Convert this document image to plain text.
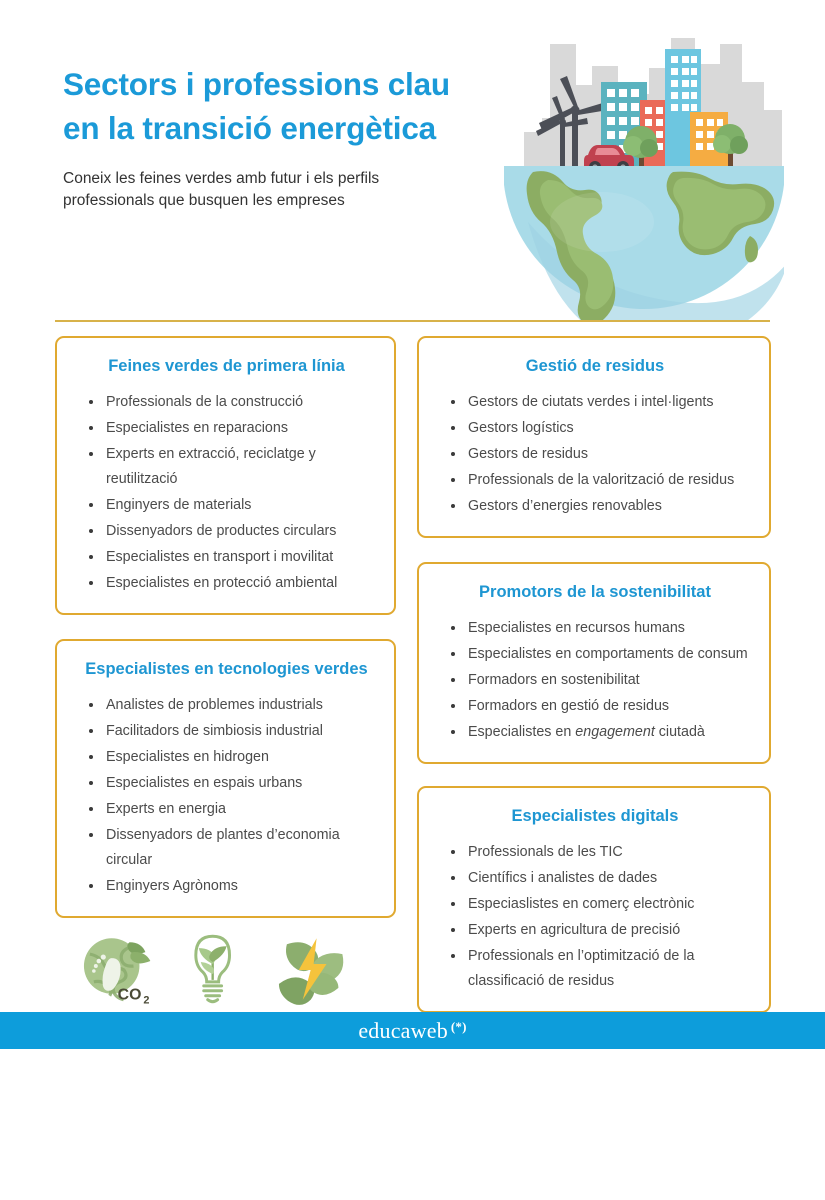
Sectors i professions clau en la transició energètica

Coneix les feines verdes amb futur i els perfils professionals que busquen les empreses

Feines verdes de primera línia
Professionals de la construcció
Especialistes en reparacions
Experts en extracció, reciclatge y reutilització
Enginyers de materials
Dissenyadors de productes circulars
Especialistes en transport i movilitat
Especialistes en protecció ambiental
Especialistes en tecnologies verdes
Analistes de problemes industrials
Facilitadors de simbiosis industrial
Especialistes en hidrogen
Especialistes en espais urbans
Experts en energia
Dissenyadors de plantes d’economia circular
Enginyers Agrònoms
Gestió de residus
Gestors de ciutats verdes i intel·ligents
Gestors logístics
Gestors de residus
Professionals de la valorització de residus
Gestors d’energies renovables
Promotors de la sostenibilitat
Especialistes en recursos humans
Especialistes en comportaments de consum
Formadors en sostenibilitat
Formadors en gestió de residus
Especialistes en engagement ciutadà
Especialistes digitals
Professionals de les TIC
Científics i analistes de dades
Especiaslistes en comerç electrònic
Experts en agricultura de precisió
Professionals en l’optimització de la classificació de residus
CO 2
educaweb (*)
